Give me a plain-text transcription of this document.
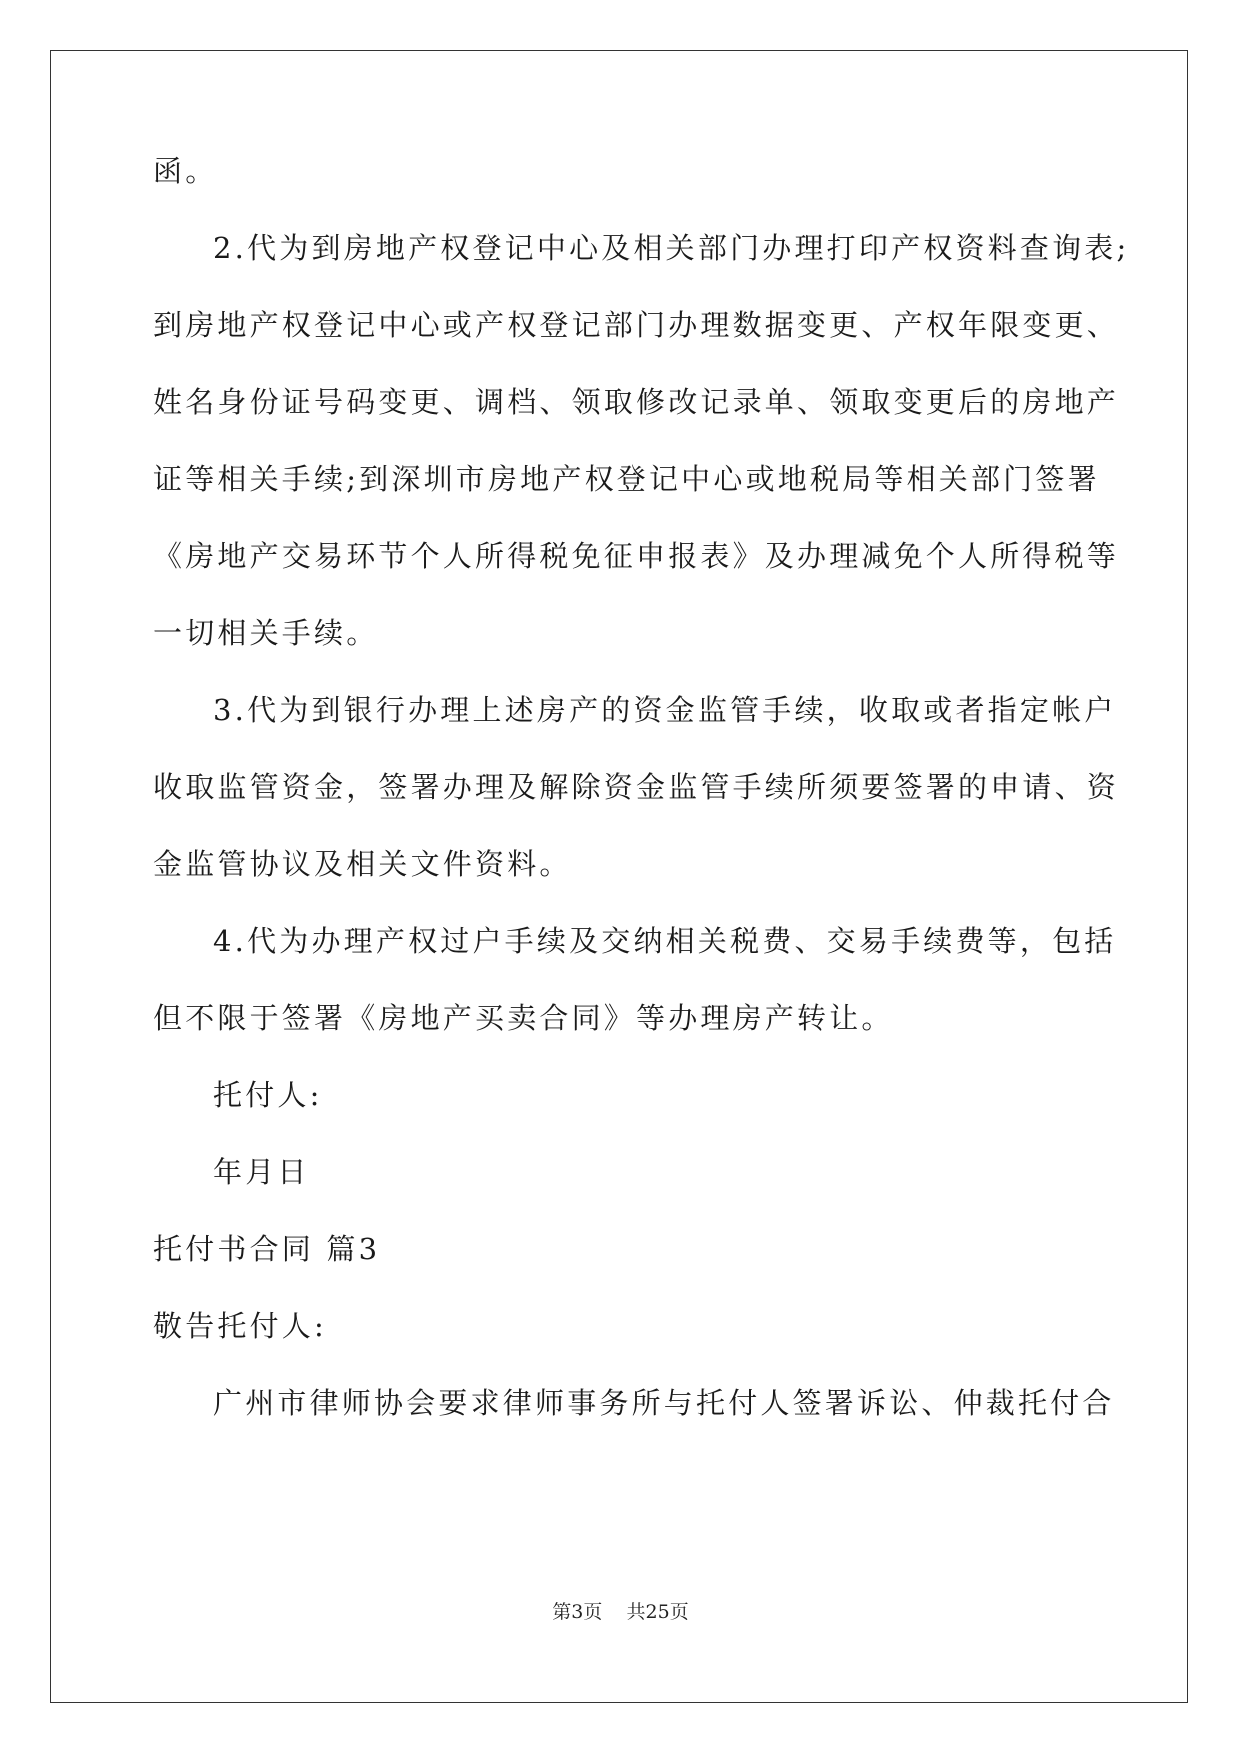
函。
2.代为到房地产权登记中心及相关部门办理打印产权资料查询表;
到房地产权登记中心或产权登记部门办理数据变更、产权年限变更、
姓名身份证号码变更、调档、领取修改记录单、领取变更后的房地产
证等相关手续;到深圳市房地产权登记中心或地税局等相关部门签署
《房地产交易环节个人所得税免征申报表》及办理减免个人所得税等
一切相关手续。
3.代为到银行办理上述房产的资金监管手续，收取或者指定帐户
收取监管资金，签署办理及解除资金监管手续所须要签署的申请、资
金监管协议及相关文件资料。
4.代为办理产权过户手续及交纳相关税费、交易手续费等，包括
但不限于签署《房地产买卖合同》等办理房产转让。
托付人:
年月日
托付书合同 篇3
敬告托付人:
广州市律师协会要求律师事务所与托付人签署诉讼、仲裁托付合
第3页    共25页
